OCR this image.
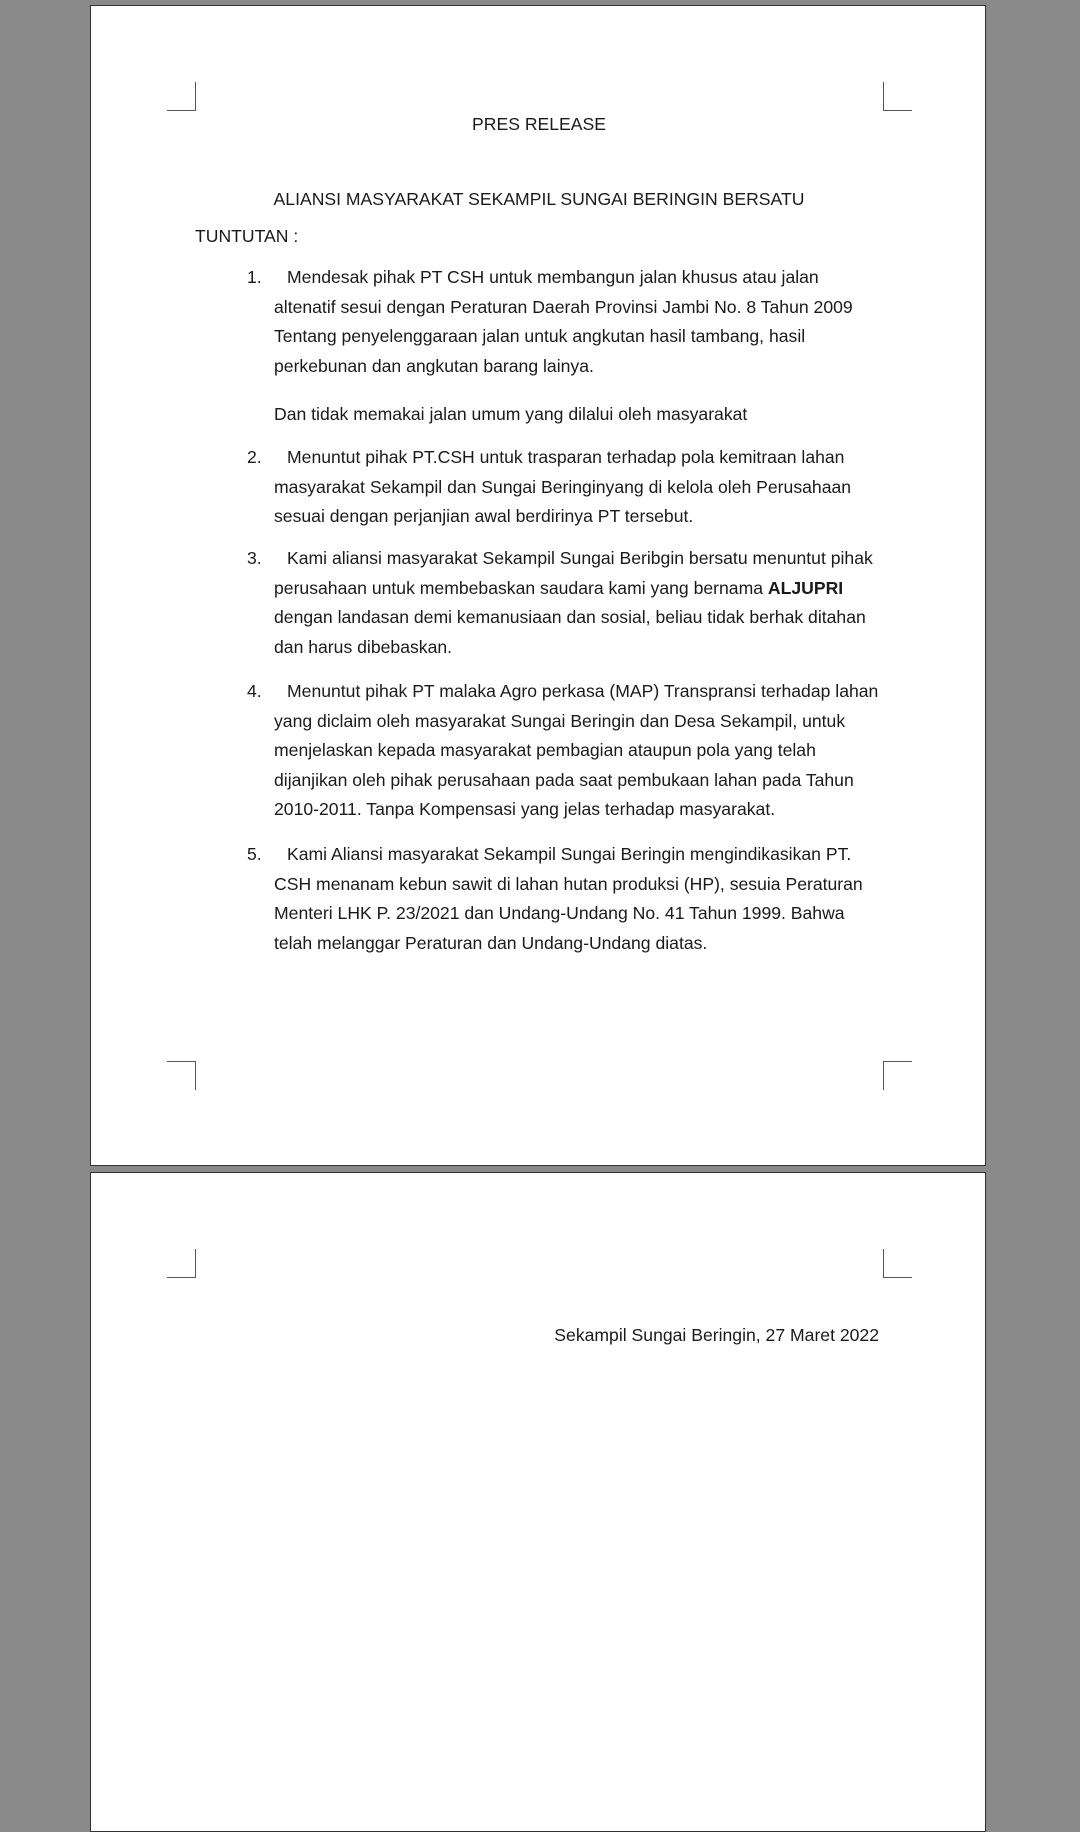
PRES RELEASE
ALIANSI MASYARAKAT SEKAMPIL SUNGAI BERINGIN BERSATU
TUNTUTAN :
1.	Mendesak pihak PT CSH untuk membangun jalan khusus atau jalan
altenatif sesui dengan Peraturan Daerah Provinsi Jambi No. 8 Tahun 2009
Tentang penyelenggaraan jalan untuk angkutan hasil tambang, hasil
perkebunan dan angkutan barang lainya.
Dan tidak memakai jalan umum yang dilalui oleh masyarakat
2.	Menuntut pihak PT.CSH untuk trasparan terhadap pola kemitraan lahan
masyarakat Sekampil dan Sungai Beringinyang di kelola oleh Perusahaan
sesuai dengan perjanjian awal berdirinya PT tersebut.
3.	Kami aliansi masyarakat Sekampil Sungai Beribgin bersatu menuntut pihak
perusahaan untuk membebaskan saudara kami yang bernama ALJUPRI
dengan landasan demi kemanusiaan dan sosial, beliau tidak berhak ditahan
dan harus dibebaskan.
4.	Menuntut pihak PT malaka Agro perkasa (MAP) Transpransi terhadap lahan
yang diclaim oleh masyarakat Sungai Beringin dan Desa Sekampil, untuk
menjelaskan kepada masyarakat pembagian ataupun pola yang telah
dijanjikan oleh pihak perusahaan pada saat pembukaan lahan pada Tahun
2010-2011. Tanpa Kompensasi yang jelas terhadap masyarakat.
5.	Kami Aliansi masyarakat Sekampil Sungai Beringin mengindikasikan PT.
CSH menanam kebun sawit di lahan hutan produksi (HP), sesuia Peraturan
Menteri LHK P. 23/2021 dan Undang-Undang No. 41 Tahun 1999. Bahwa
telah melanggar Peraturan dan Undang-Undang diatas.
Sekampil Sungai Beringin, 27 Maret 2022
